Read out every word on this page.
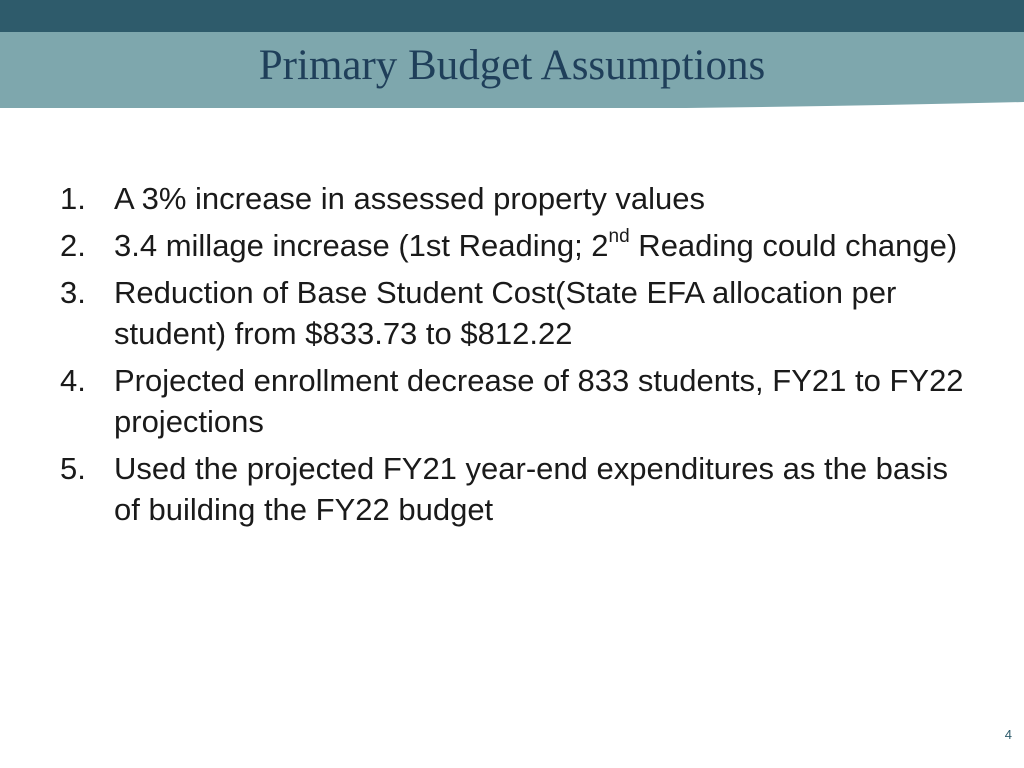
Primary Budget Assumptions
1. A 3% increase in assessed property values
2. 3.4 millage increase (1st Reading; 2nd Reading could change)
3. Reduction of Base Student Cost(State EFA allocation per student) from $833.73 to $812.22
4. Projected enrollment decrease of 833 students, FY21 to FY22 projections
5. Used the projected FY21 year-end expenditures as the basis of building the FY22 budget
4
